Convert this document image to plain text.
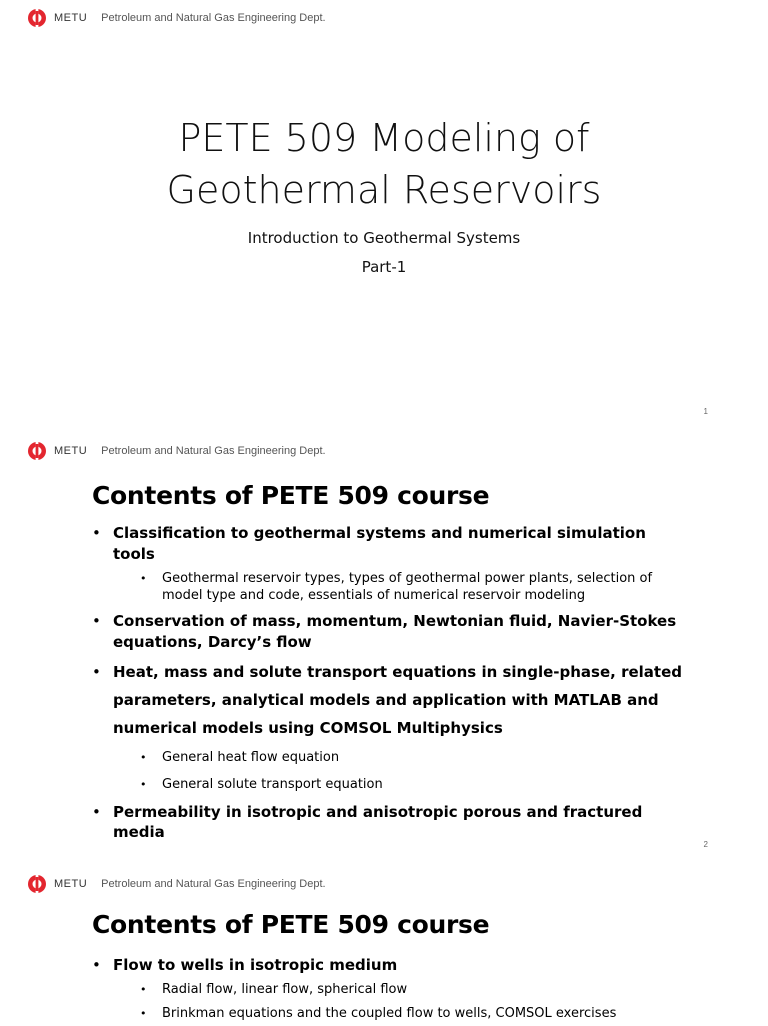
METU Petroleum and Natural Gas Engineering Dept.
PETE 509 Modeling of
Geothermal Reservoirs
Introduction to Geothermal Systems
Part-1
1
METU Petroleum and Natural Gas Engineering Dept.
Contents of PETE 509 course
• Classification to geothermal systems and numerical simulation tools
• Geothermal reservoir types, types of geothermal power plants, selection of model type and code, essentials of numerical reservoir modeling
• Conservation of mass, momentum, Newtonian fluid, Navier-Stokes equations, Darcy’s flow
• Heat, mass and solute transport equations in single-phase, related parameters, analytical models and application with MATLAB and numerical models using COMSOL Multiphysics
• General heat flow equation
• General solute transport equation
• Permeability in isotropic and anisotropic porous and fractured media
2
METU Petroleum and Natural Gas Engineering Dept.
Contents of PETE 509 course
• Flow to wells in isotropic medium
• Radial flow, linear flow, spherical flow
• Brinkman equations and the coupled flow to wells, COMSOL exercises
